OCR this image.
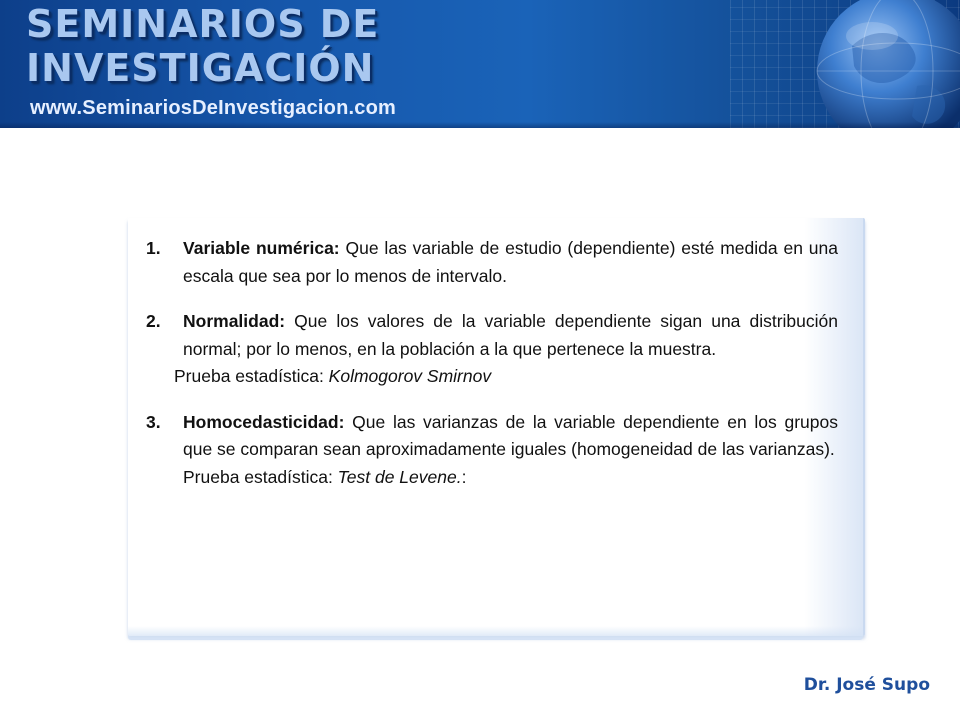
SEMINARIOS DE
INVESTIGACIÓN
www.SeminariosDeInvestigacion.com
1. Variable numérica: Que las variable de estudio (dependiente) esté medida en una escala que sea por lo menos de intervalo.
2. Normalidad: Que los valores de la variable dependiente sigan una distribución normal; por lo menos, en la población a la que pertenece la muestra.
Prueba estadística: Kolmogorov Smirnov
3. Homocedasticidad: Que las varianzas de la variable dependiente en los grupos que se comparan sean aproximadamente iguales (homogeneidad de las varianzas).
Prueba estadística: Test de Levene.:
Dr. José Supo
